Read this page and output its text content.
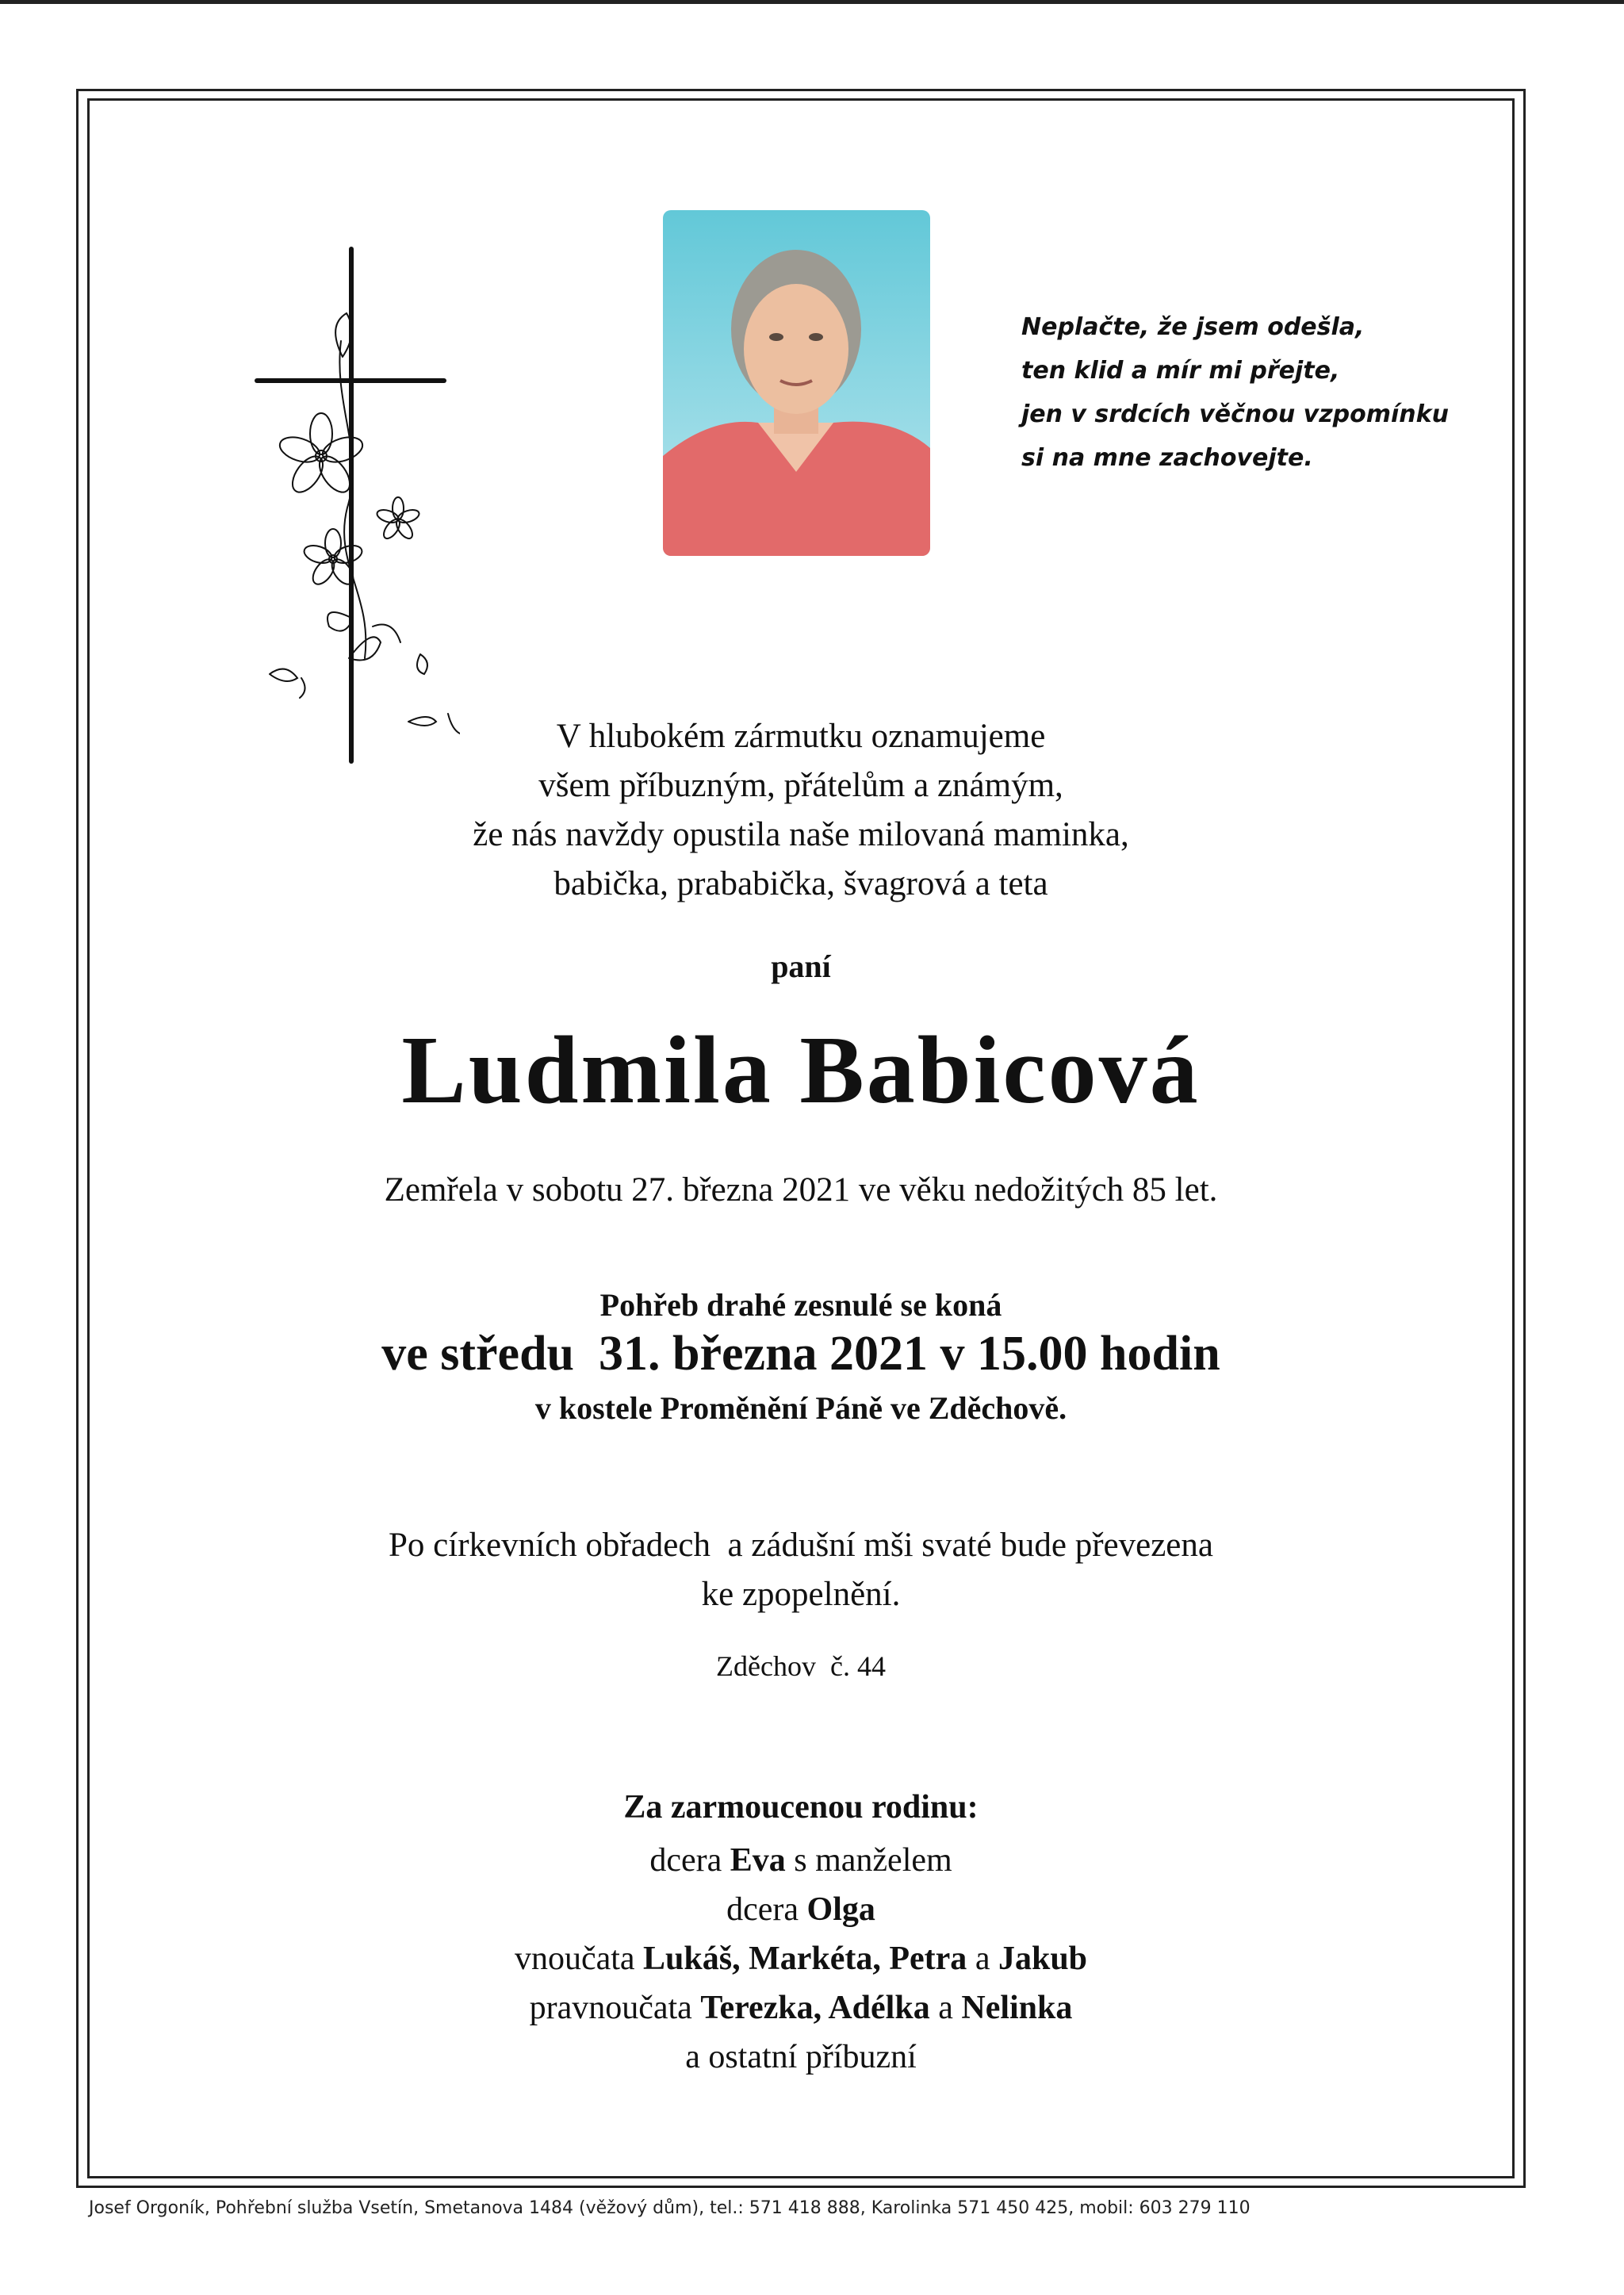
Neplačte, že jsem odešla,
ten klid a mír mi přejte,
jen v srdcích věčnou vzpomínku
si na mne zachovejte.
V hlubokém zármutku oznamujeme
všem příbuzným, přátelům a známým,
že nás navždy opustila naše milovaná maminka,
babička, prababička, švagrová a teta
paní
Ludmila Babicová
Zemřela v sobotu 27. března 2021 ve věku nedožitých 85 let.
Pohřeb drahé zesnulé se koná
ve středu  31. března 2021 v 15.00 hodin
v kostele Proměnění Páně ve Zděchově.
Po církevních obřadech  a zádušní mši svaté bude převezena
ke zpopelnění.
Zděchov  č. 44
Za zarmoucenou rodinu:
dcera Eva s manželem
dcera Olga
vnoučata Lukáš, Markéta, Petra a Jakub
pravnoučata Terezka, Adélka a Nelinka
a ostatní příbuzní
Josef Orgoník, Pohřební služba Vsetín, Smetanova 1484 (věžový dům), tel.: 571 418 888, Karolinka 571 450 425, mobil: 603 279 110
